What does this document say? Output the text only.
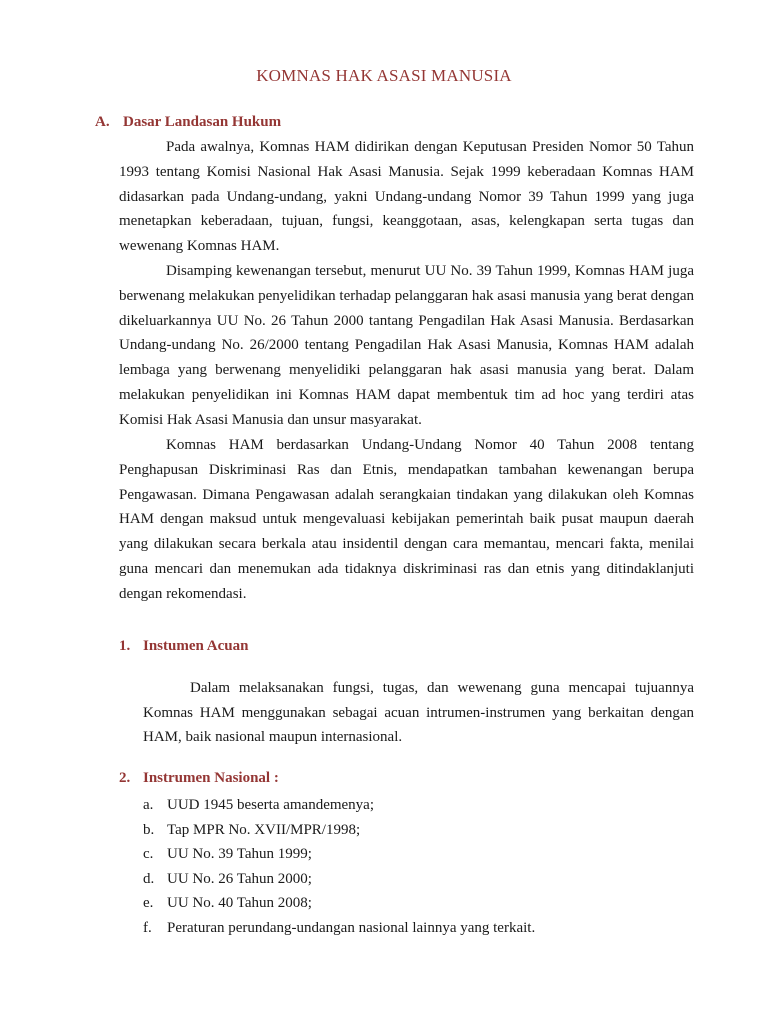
KOMNAS HAK ASASI MANUSIA
A. Dasar Landasan Hukum

Pada awalnya, Komnas HAM didirikan dengan Keputusan Presiden Nomor 50 Tahun 1993 tentang Komisi Nasional Hak Asasi Manusia. Sejak 1999 keberadaan Komnas HAM didasarkan pada Undang-undang, yakni Undang-undang Nomor 39 Tahun 1999 yang juga menetapkan keberadaan, tujuan, fungsi, keanggotaan, asas, kelengkapan serta tugas dan wewenang Komnas HAM.

Disamping kewenangan tersebut, menurut UU No. 39 Tahun 1999, Komnas HAM juga berwenang melakukan penyelidikan terhadap pelanggaran hak asasi manusia yang berat dengan dikeluarkannya UU No. 26 Tahun 2000 tantang Pengadilan Hak Asasi Manusia. Berdasarkan Undang-undang No. 26/2000 tentang Pengadilan Hak Asasi Manusia, Komnas HAM adalah lembaga yang berwenang menyelidiki pelanggaran hak asasi manusia yang berat. Dalam melakukan penyelidikan ini Komnas HAM dapat membentuk tim ad hoc yang terdiri atas Komisi Hak Asasi Manusia dan unsur masyarakat.

Komnas HAM berdasarkan Undang-Undang Nomor 40 Tahun 2008 tentang Penghapusan Diskriminasi Ras dan Etnis, mendapatkan tambahan kewenangan berupa Pengawasan. Dimana Pengawasan adalah serangkaian tindakan yang dilakukan oleh Komnas HAM dengan maksud untuk mengevaluasi kebijakan pemerintah baik pusat maupun daerah yang dilakukan secara berkala atau insidentil dengan cara memantau, mencari fakta, menilai guna mencari dan menemukan ada tidaknya diskriminasi ras dan etnis yang ditindaklanjuti dengan rekomendasi.

1. Instumen Acuan

Dalam melaksanakan fungsi, tugas, dan wewenang guna mencapai tujuannya Komnas HAM menggunakan sebagai acuan intrumen-instrumen yang berkaitan dengan HAM, baik nasional maupun internasional.

2. Instrumen Nasional :
a. UUD 1945 beserta amandemenya;
b. Tap MPR No. XVII/MPR/1998;
c. UU No. 39 Tahun 1999;
d. UU No. 26 Tahun 2000;
e. UU No. 40 Tahun 2008;
f. Peraturan perundang-undangan nasional lainnya yang terkait.
